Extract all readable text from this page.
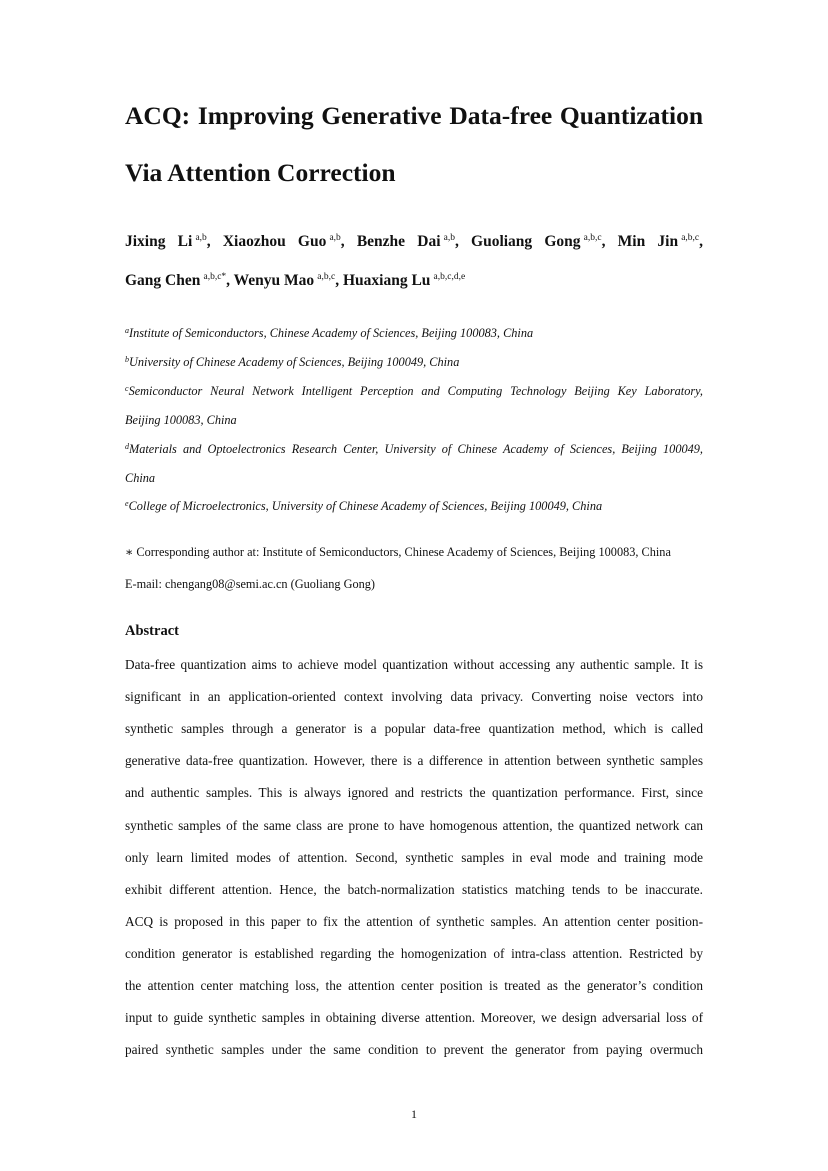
ACQ: Improving Generative Data-free Quantization
Via Attention Correction
Jixing Li  $^{a,b}$, Xiaozhou Guo  $^{a,b}$, Benzhe Dai  $^{a,b}$, Guoliang Gong  $^{a,b,c}$, Min Jin  $^{a,b,c}$,
Gang Chen  $^{a,b,c*}$, Wenyu Mao  $^{a,b,c}$, Huaxiang Lu  $^{a,b,c,d,e}$
$^a$Institute of Semiconductors, Chinese Academy of Sciences, Beijing 100083, China
$^b$University of Chinese Academy of Sciences, Beijing 100049, China
$^c$Semiconductor Neural Network Intelligent Perception and Computing Technology Beijing Key Laboratory,
Beijing 100083, China
$^d$Materials and Optoelectronics Research Center, University of Chinese Academy of Sciences, Beijing 100049,
China
$^e$College of Microelectronics, University of Chinese Academy of Sciences, Beijing 100049, China
∗ Corresponding author at: Institute of Semiconductors, Chinese Academy of Sciences, Beijing 100083, China
E-mail: chengang08@semi.ac.cn (Guoliang Gong)
Abstract
Data-free quantization aims to achieve model quantization without accessing any authentic sample. It is
significant in an application-oriented context involving data privacy. Converting noise vectors into
synthetic samples through a generator is a popular data-free quantization method, which is called
generative data-free quantization. However, there is a difference in attention between synthetic samples
and authentic samples. This is always ignored and restricts the quantization performance. First, since
synthetic samples of the same class are prone to have homogenous attention, the quantized network can
only learn limited modes of attention. Second, synthetic samples in eval mode and training mode
exhibit different attention. Hence, the batch-normalization statistics matching tends to be inaccurate.
ACQ is proposed in this paper to fix the attention of synthetic samples. An attention center position-
condition generator is established regarding the homogenization of intra-class attention. Restricted by
the attention center matching loss, the attention center position is treated as the generator’s condition
input to guide synthetic samples in obtaining diverse attention. Moreover, we design adversarial loss of
paired synthetic samples under the same condition to prevent the generator from paying overmuch
1
